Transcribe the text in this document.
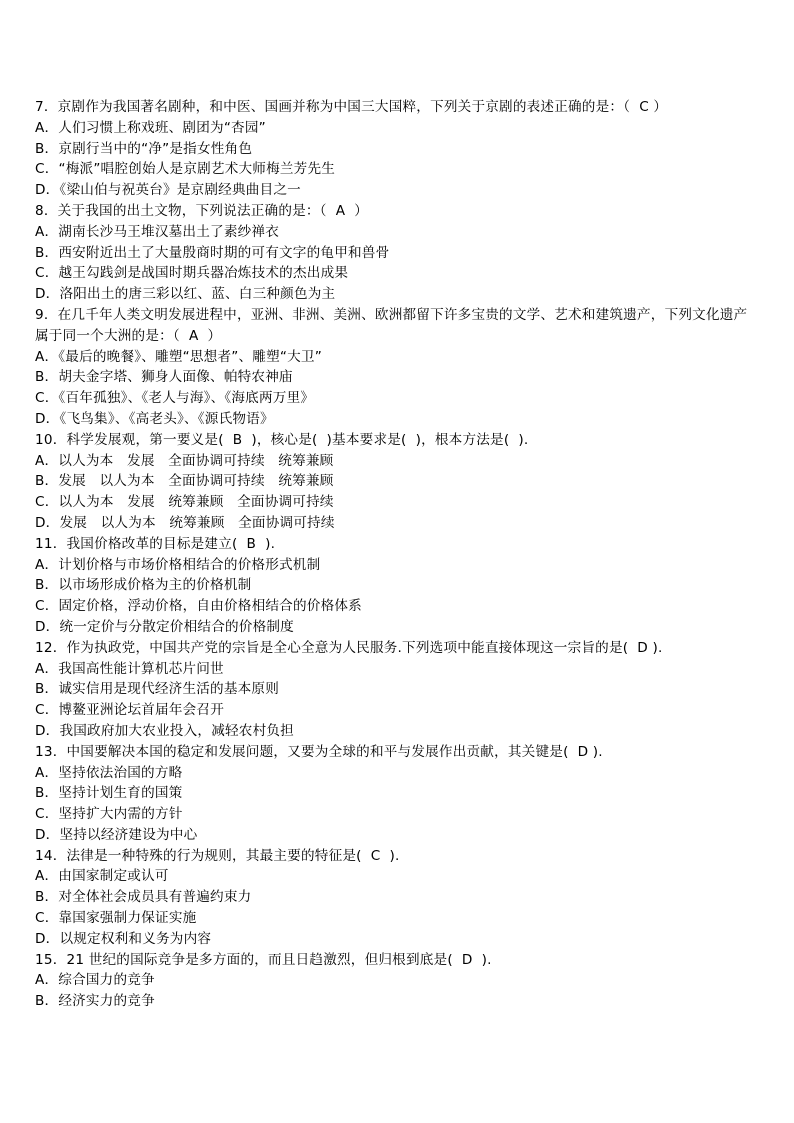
7．京剧作为我国著名剧种，和中医、国画并称为中国三大国粹，下列关于京剧的表述正确的是：（  C ）
A．人们习惯上称戏班、剧团为“杏园”
B．京剧行当中的“净”是指女性角色
C．“梅派”唱腔创始人是京剧艺术大师梅兰芳先生
D．《梁山伯与祝英台》是京剧经典曲目之一
8．关于我国的出土文物，下列说法正确的是：（  A  ）
A．湖南长沙马王堆汉墓出土了素纱禅衣
B．西安附近出土了大量殷商时期的可有文字的龟甲和兽骨
C．越王勾践剑是战国时期兵器冶炼技术的杰出成果
D．洛阳出土的唐三彩以红、蓝、白三种颜色为主
9．在几千年人类文明发展进程中，亚洲、非洲、美洲、欧洲都留下许多宝贵的文学、艺术和建筑遗产，下列文化遗产
属于同一个大洲的是：（  A  ）
A．《最后的晚餐》、雕塑“思想者”、雕塑“大卫”
B．胡夫金字塔、狮身人面像、帕特农神庙
C．《百年孤独》、《老人与海》、《海底两万里》
D．《飞鸟集》、《高老头》、《源氏物语》
10．科学发展观，第一要义是(  B  )，核心是(  )基本要求是(  )，根本方法是(  ).
A．以人为本   发展   全面协调可持续   统筹兼顾
B．发展   以人为本   全面协调可持续   统筹兼顾
C．以人为本   发展   统筹兼顾   全面协调可持续
D．发展   以人为本   统筹兼顾   全面协调可持续
11．我国价格改革的目标是建立(  B  ).
A．计划价格与市场价格相结合的价格形式机制
B．以市场形成价格为主的价格机制
C．固定价格，浮动价格，自由价格相结合的价格体系
D．统一定价与分散定价相结合的价格制度
12．作为执政党，中国共产党的宗旨是全心全意为人民服务.下列选项中能直接体现这一宗旨的是(  D ).
A．我国高性能计算机芯片问世
B．诚实信用是现代经济生活的基本原则
C．博鳌亚洲论坛首届年会召开
D．我国政府加大农业投入，减轻农村负担
13．中国要解决本国的稳定和发展问题，又要为全球的和平与发展作出贡献，其关键是(  D ).
A．坚持依法治国的方略
B．坚持计划生育的国策
C．坚持扩大内需的方针
D．坚持以经济建设为中心
14．法律是一种特殊的行为规则，其最主要的特征是(  C  ).
A．由国家制定或认可
B．对全体社会成员具有普遍约束力
C．靠国家强制力保证实施
D．以规定权利和义务为内容
15．21 世纪的国际竞争是多方面的，而且日趋激烈，但归根到底是(  D  ).
A．综合国力的竞争
B．经济实力的竞争
